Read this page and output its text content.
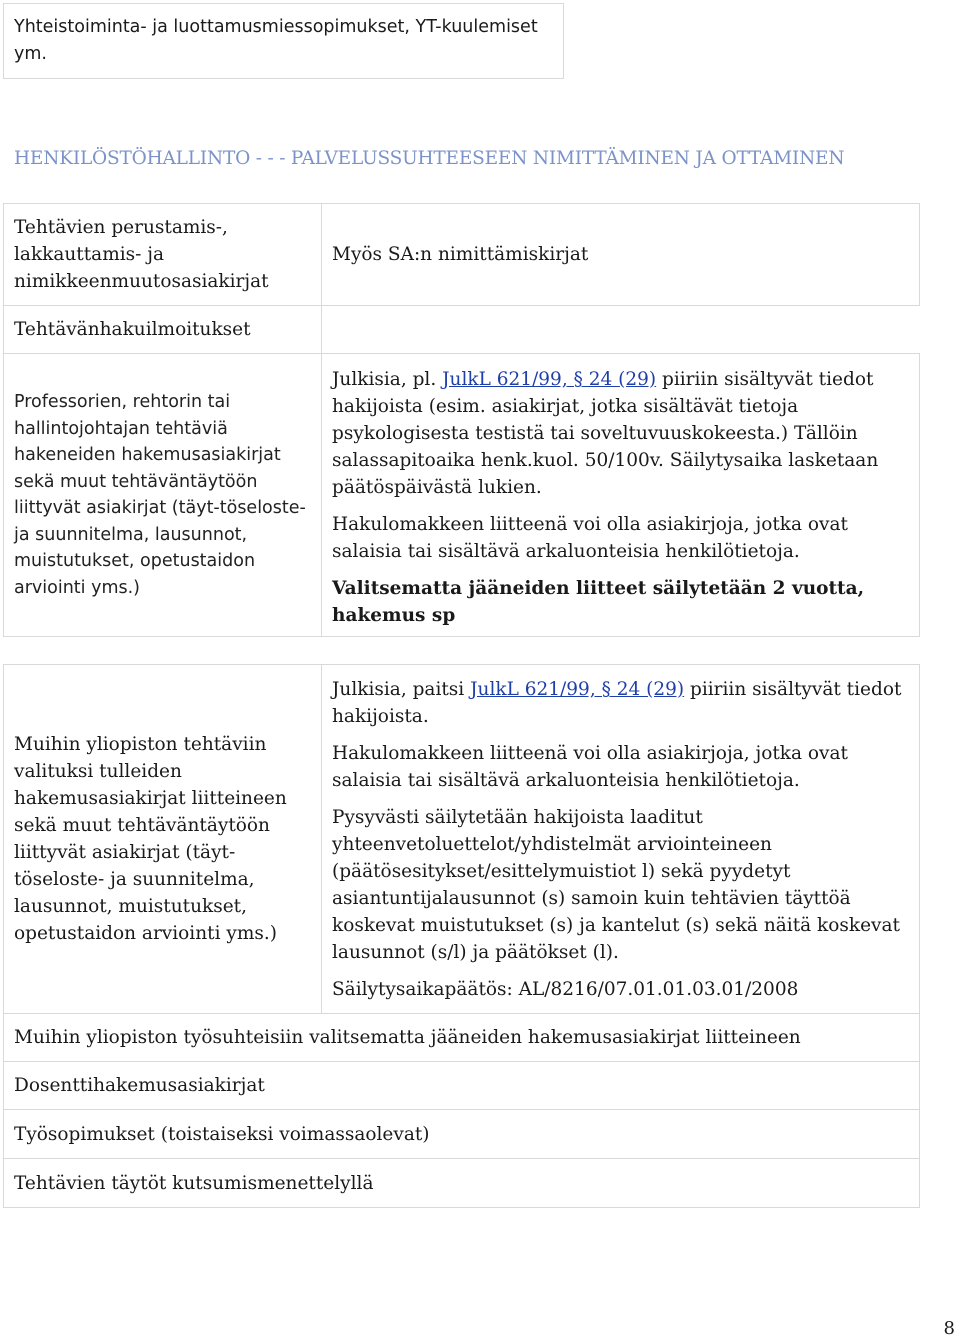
Yhteistoiminta- ja luottamusmiessopimukset, YT-kuulemiset ym.
HENKILÖSTÖHALLINTO - - - PALVELUSSUHTEESEEN NIMITTÄMINEN JA OTTAMINEN
Tehtävien perustamis-, lakkauttamis- ja nimikkeenmuutosasiakirjat
Myös SA:n nimittämiskirjat
Tehtävänhakuilmoitukset
Professorien, rehtorin tai hallintojohtajan tehtäviä hakeneiden hakemusasiakirjat sekä muut tehtäväntäytöön liittyvät asiakirjat (täyt-töseloste- ja suunnitelma, lausunnot, muistutukset, opetustaidon arviointi yms.)

Julkisia, pl. JulkL 621/99, § 24 (29) piiriin sisältyvät tiedot hakijoista (esim. asiakirjat, jotka sisältävät tietoja psykologisesta testistä tai soveltuvuuskokeesta.) Tällöin salassapitoaika henk.kuol. 50/100v. Säilytysaika lasketaan päätöspäivästä lukien.

Hakulomakkeen liitteenä voi olla asiakirjoja, jotka ovat salaisia tai sisältävä arkaluonteisia henkilötietoja.

Valitsematta jääneiden liitteet säilytetään 2 vuotta, hakemus sp

Muihin yliopiston tehtäviin valituksi tulleiden hakemusasiakirjat liitteineen sekä muut tehtäväntäytöön liittyvät asiakirjat (täyt-töseloste- ja suunnitelma, lausunnot, muistutukset, opetustaidon arviointi yms.)

Julkisia, paitsi JulkL 621/99, § 24 (29) piiriin sisältyvät tiedot hakijoista.

Hakulomakkeen liitteenä voi olla asiakirjoja, jotka ovat salaisia tai sisältävä arkaluonteisia henkilötietoja.

Pysyvästi säilytetään hakijoista laaditut yhteenvetoluettelot/yhdistelmät arviointeineen (päätösesitykset/esittelymuistiot l) sekä pyydetyt asiantuntijalausunnot (s) samoin kuin tehtävien täyttöä koskevat muistutukset (s) ja kantelut (s) sekä näitä koskevat lausunnot (s/l) ja päätökset (l).

Säilytysaikapäätös: AL/8216/07.01.01.03.01/2008

Muihin yliopiston työsuhteisiin valitsematta jääneiden hakemusasiakirjat liitteineen
Dosenttihakemusasiakirjat
Työsopimukset (toistaiseksi voimassaolevat)
Tehtävien täytöt kutsumismenettelyllä
8
